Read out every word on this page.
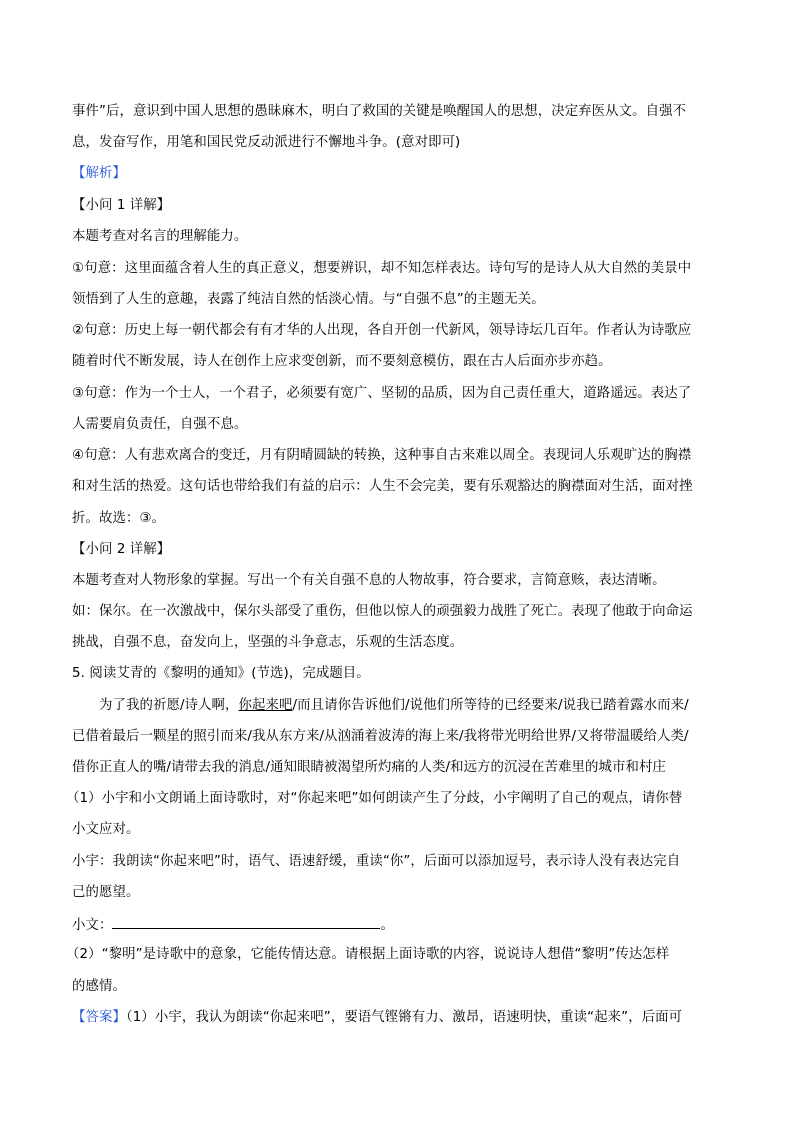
事件”后，意识到中国人思想的愚昧麻木，明白了救国的关键是唤醒国人的思想，决定弃医从文。自强不
息，发奋写作，用笔和国民党反动派进行不懈地斗争。(意对即可)
【解析】
【小问 1 详解】
本题考查对名言的理解能力。
①句意：这里面蕴含着人生的真正意义，想要辨识，却不知怎样表达。诗句写的是诗人从大自然的美景中
领悟到了人生的意趣，表露了纯洁自然的恬淡心情。与“自强不息”的主题无关。
②句意：历史上每一朝代都会有有才华的人出现，各自开创一代新风，领导诗坛几百年。作者认为诗歌应
随着时代不断发展，诗人在创作上应求变创新，而不要刻意模仿，跟在古人后面亦步亦趋。
③句意：作为一个士人，一个君子，必须要有宽广、坚韧的品质，因为自己责任重大，道路遥远。表达了
人需要肩负责任，自强不息。
④句意：人有悲欢离合的变迁，月有阴晴圆缺的转换，这种事自古来难以周全。表现词人乐观旷达的胸襟
和对生活的热爱。这句话也带给我们有益的启示：人生不会完美，要有乐观豁达的胸襟面对生活，面对挫
折。故选：③。
【小问 2 详解】
本题考查对人物形象的掌握。写出一个有关自强不息的人物故事，符合要求，言简意赅，表达清晰。
如：保尔。在一次激战中，保尔头部受了重伤，但他以惊人的顽强毅力战胜了死亡。表现了他敢于向命运
挑战，自强不息，奋发向上，坚强的斗争意志，乐观的生活态度。
5. 阅读艾青的《黎明的通知》(节选)，完成题目。
为了我的祈愿/诗人啊，你起来吧/而且请你告诉他们/说他们所等待的已经要来/说我已踏着露水而来/
已借着最后一颗星的照引而来/我从东方来/从汹涌着波涛的海上来/我将带光明给世界/又将带温暖给人类/
借你正直人的嘴/请带去我的消息/通知眼睛被渴望所灼痛的人类/和远方的沉浸在苦难里的城市和村庄
（1）小宇和小文朗诵上面诗歌时，对“你起来吧”如何朗读产生了分歧，小宇阐明了自己的观点，请你替
小文应对。
小宇：我朗读“你起来吧”时，语气、语速舒缓，重读“你”，后面可以添加逗号，表示诗人没有表达完自
己的愿望。
小文：	。
（2）“黎明”是诗歌中的意象，它能传情达意。请根据上面诗歌的内容，说说诗人想借“黎明”传达怎样
的感情。
【答案】（1）小宇，我认为朗读“你起来吧”，要语气铿锵有力、激昂，语速明快，重读“起来”，后面可
